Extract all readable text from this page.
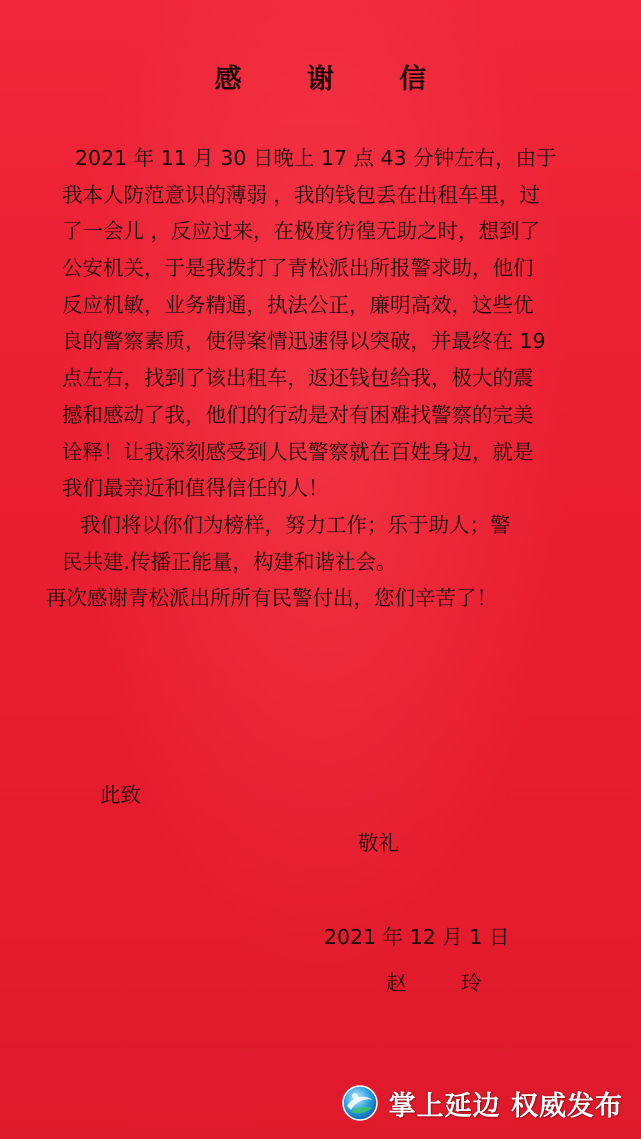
感 谢 信
2021 年 11 月 30 日晚上 17 点 43 分钟左右，由于
我本人防范意识的薄弱 ，我的钱包丢在出租车里，过
了一会儿 ，反应过来，在极度彷徨无助之时，想到了
公安机关，于是我拨打了青松派出所报警求助，他们
反应机敏，业务精通，执法公正，廉明高效，这些优
良的警察素质，使得案情迅速得以突破，并最终在 19
点左右，找到了该出租车，返还钱包给我，极大的震
撼和感动了我，他们的行动是对有困难找警察的完美
诠释！让我深刻感受到人民警察就在百姓身边，就是
我们最亲近和值得信任的人！
我们将以你们为榜样，努力工作；乐于助人；警
民共建.传播正能量，构建和谐社会。
再次感谢青松派出所所有民警付出，您们辛苦了！
此致
敬礼
2021 年 12 月 1 日
赵 玲
掌上延边 权威发布
